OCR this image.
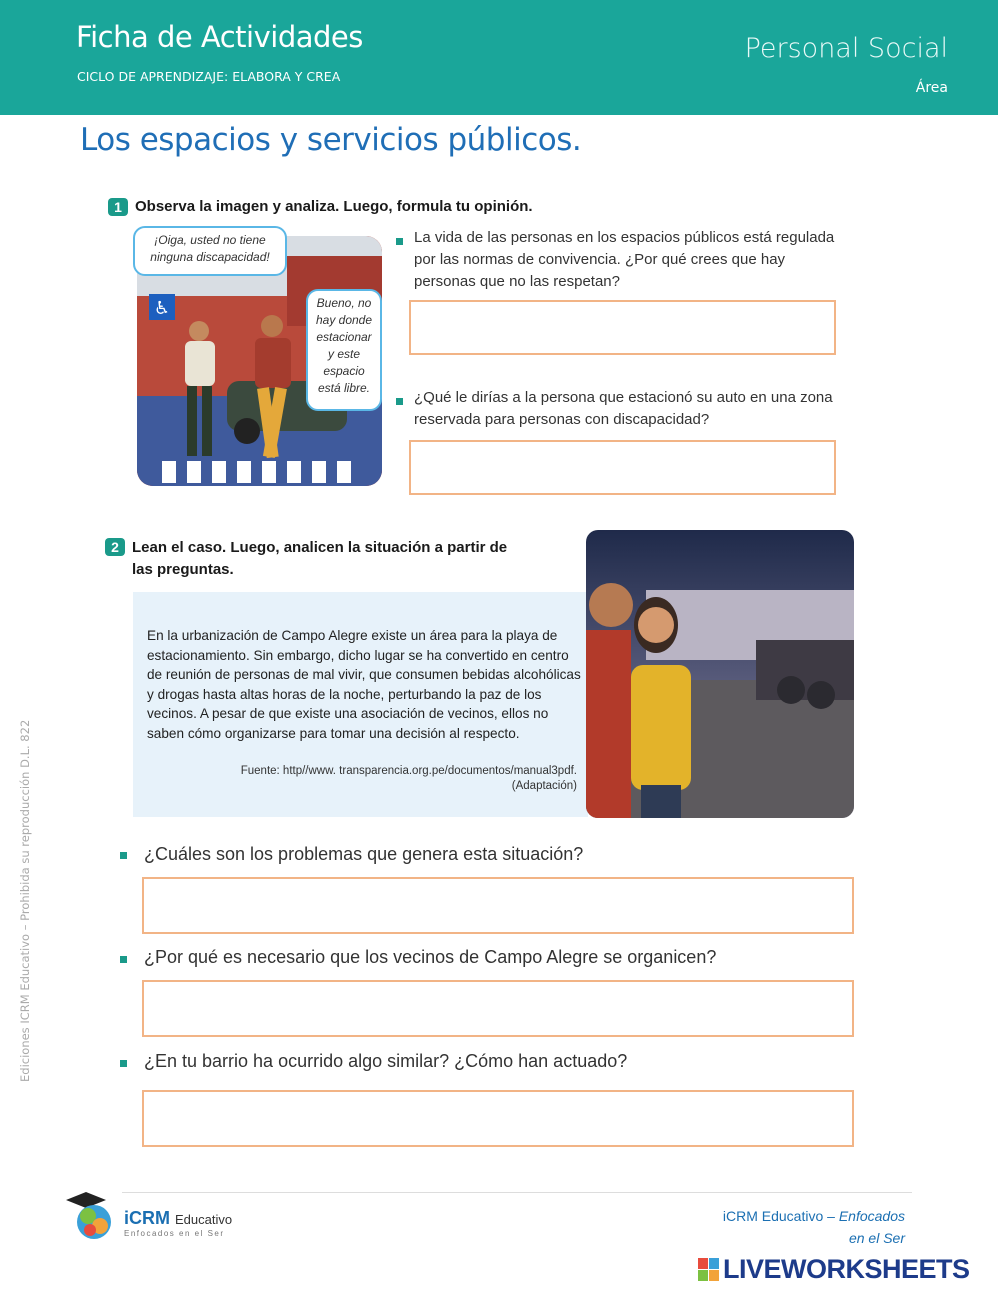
Ficha de Actividades
CICLO DE APRENDIZAJE: ELABORA Y CREA
Personal Social
Área
Los espacios y servicios públicos.
Ediciones ICRM Educativo – Prohibida su reproducción D.L. 822
1 Observa la imagen y analiza. Luego, formula tu opinión.
♿
¡Oiga, usted no tiene ninguna discapacidad!
Bueno, no hay donde estacionar y este espacio está libre.
La vida de las personas en los espacios públicos está regulada por las normas de convivencia. ¿Por qué crees que hay personas que no las respetan?
¿Qué le dirías a la persona que estacionó su auto en una zona reservada para personas con discapacidad?
2 Lean el caso. Luego, analicen la situación a partir de las preguntas.
En la urbanización de Campo Alegre existe un área para la playa de estacionamiento. Sin embargo, dicho lugar se ha convertido en centro de reunión de personas de mal vivir, que consumen bebidas alcohólicas y drogas hasta altas horas de la noche, perturbando la paz de los vecinos. A pesar de que existe una asociación de vecinos, ellos no saben cómo organizarse para tomar una decisión al respecto.
Fuente: http//www. transparencia.org.pe/documentos/manual3pdf.
(Adaptación)
¿Cuáles son los problemas que genera esta situación?
¿Por qué es necesario que los vecinos de Campo Alegre se organicen?
¿En tu barrio ha ocurrido algo similar? ¿Cómo han actuado?
iCRM Educativo
Enfocados en el Ser
iCRM Educativo – Enfocados
en el Ser
LIVEWORKSHEETS
